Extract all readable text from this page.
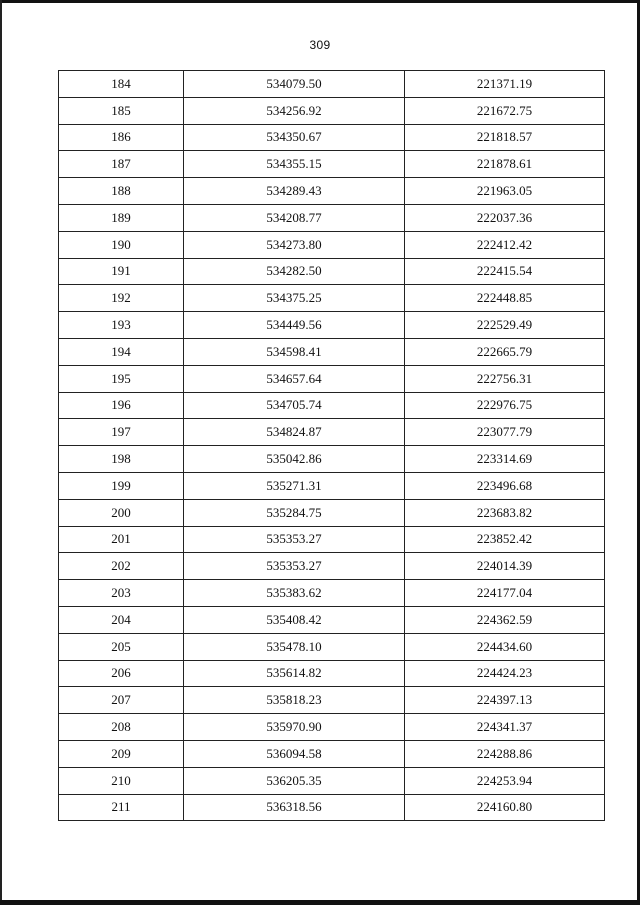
309
184	534079.50	221371.19
185	534256.92	221672.75
186	534350.67	221818.57
187	534355.15	221878.61
188	534289.43	221963.05
189	534208.77	222037.36
190	534273.80	222412.42
191	534282.50	222415.54
192	534375.25	222448.85
193	534449.56	222529.49
194	534598.41	222665.79
195	534657.64	222756.31
196	534705.74	222976.75
197	534824.87	223077.79
198	535042.86	223314.69
199	535271.31	223496.68
200	535284.75	223683.82
201	535353.27	223852.42
202	535353.27	224014.39
203	535383.62	224177.04
204	535408.42	224362.59
205	535478.10	224434.60
206	535614.82	224424.23
207	535818.23	224397.13
208	535970.90	224341.37
209	536094.58	224288.86
210	536205.35	224253.94
211	536318.56	224160.80
